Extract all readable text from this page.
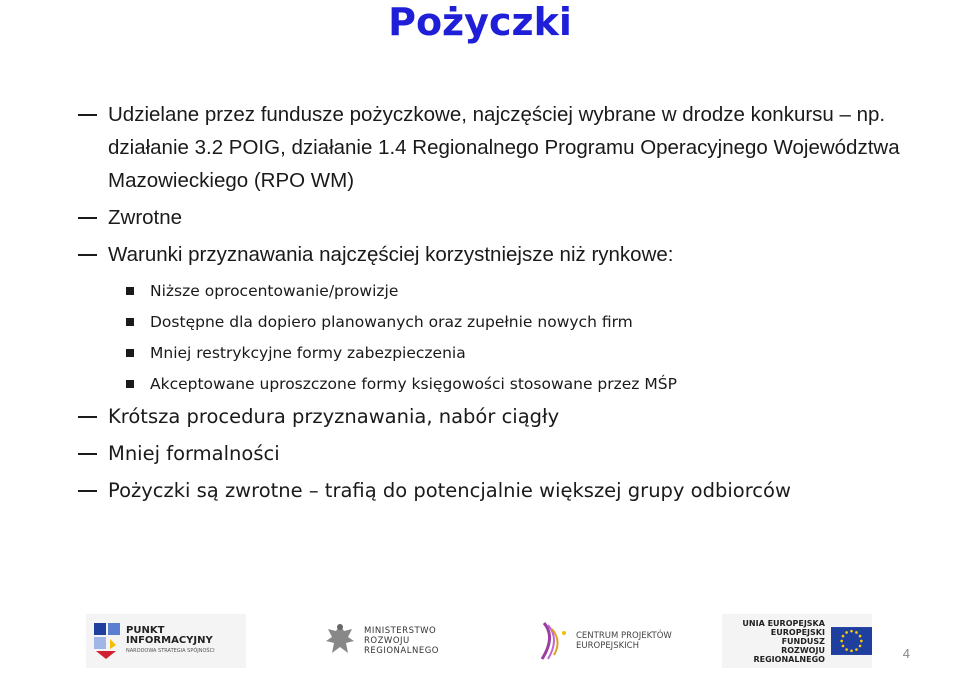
Pożyczki
Udzielane przez fundusze pożyczkowe, najczęściej wybrane w drodze konkursu – np. działanie 3.2 POIG, działanie 1.4 Regionalnego Programu Operacyjnego Województwa Mazowieckiego (RPO WM)
Zwrotne
Warunki przyznawania najczęściej korzystniejsze niż rynkowe:
Niższe oprocentowanie/prowizje
Dostępne dla dopiero planowanych oraz zupełnie nowych firm
Mniej restrykcyjne formy zabezpieczenia
Akceptowane uproszczone formy księgowości stosowane przez MŚP
Krótsza procedura przyznawania, nabór ciągły
Mniej formalności
Pożyczki są zwrotne – trafią do potencjalnie większej grupy odbiorców
PUNKT
INFORMACYJNY
NARODOWA STRATEGIA SPÓJNOŚCI
MINISTERSTWO
ROZWOJU
REGIONALNEGO
CENTRUM PROJEKTÓW
EUROPEJSKICH
UNIA EUROPEJSKA
EUROPEJSKI FUNDUSZ
ROZWOJU REGIONALNEGO	4
